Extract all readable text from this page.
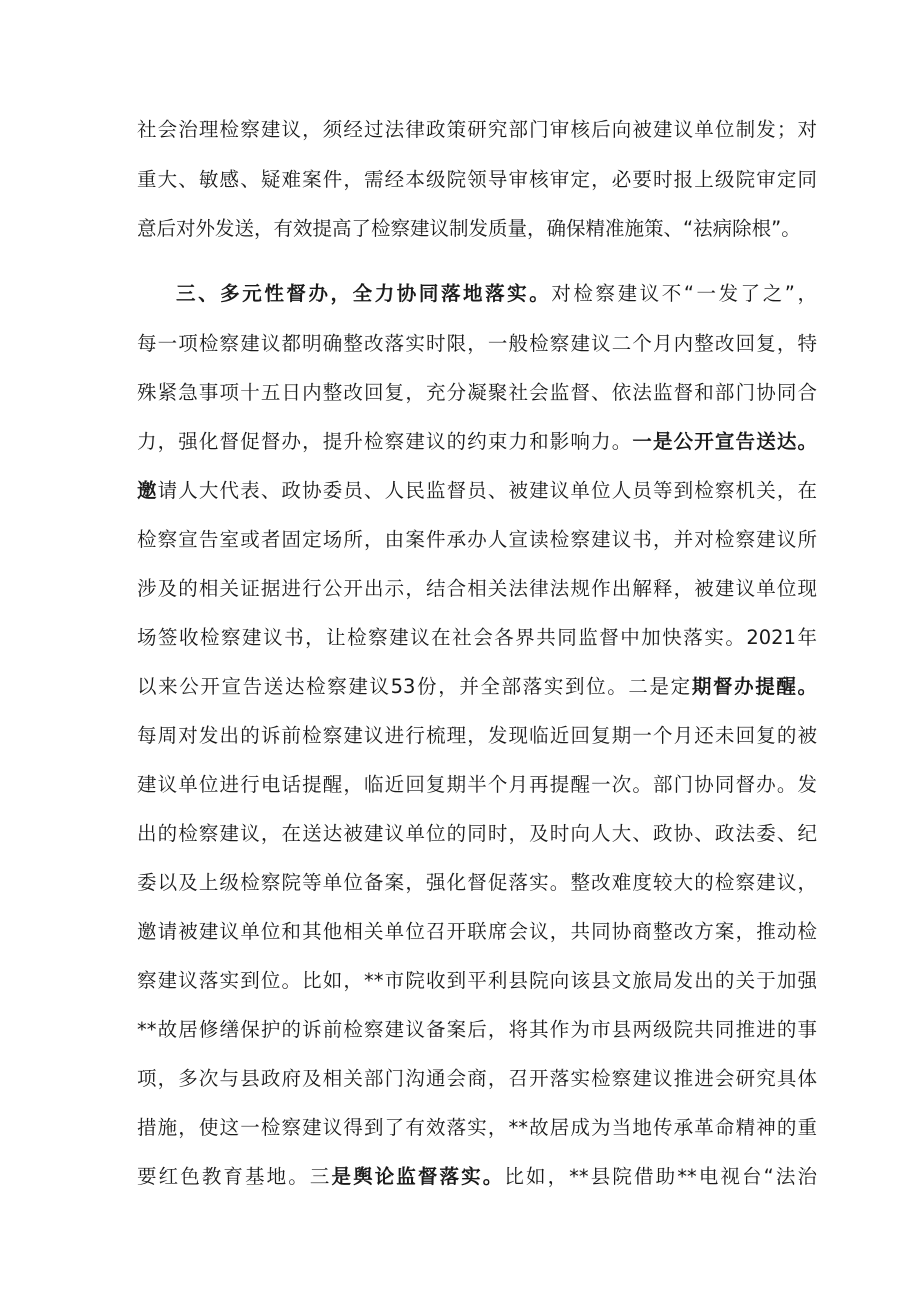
社会治理检察建议，须经过法律政策研究部门审核后向被建议单位制发；对
重大、敏感、疑难案件，需经本级院领导审核审定，必要时报上级院审定同
意后对外发送，有效提高了检察建议制发质量，确保精准施策、“祛病除根”。
三、多元性督办，全力协同落地落实。对检察建议不“一发了之”，
每一项检察建议都明确整改落实时限，一般检察建议二个月内整改回复，特
殊紧急事项十五日内整改回复，充分凝聚社会监督、依法监督和部门协同合
力，强化督促督办，提升检察建议的约束力和影响力。一是公开宣告送达。
邀请人大代表、政协委员、人民监督员、被建议单位人员等到检察机关，在
检察宣告室或者固定场所，由案件承办人宣读检察建议书，并对检察建议所
涉及的相关证据进行公开出示，结合相关法律法规作出解释，被建议单位现
场签收检察建议书，让检察建议在社会各界共同监督中加快落实。2021年
以来公开宣告送达检察建议53份，并全部落实到位。二是定期督办提醒。
每周对发出的诉前检察建议进行梳理，发现临近回复期一个月还未回复的被
建议单位进行电话提醒，临近回复期半个月再提醒一次。部门协同督办。发
出的检察建议，在送达被建议单位的同时，及时向人大、政协、政法委、纪
委以及上级检察院等单位备案，强化督促落实。整改难度较大的检察建议，
邀请被建议单位和其他相关单位召开联席会议，共同协商整改方案，推动检
察建议落实到位。比如，**市院收到平利县院向该县文旅局发出的关于加强
**故居修缮保护的诉前检察建议备案后，将其作为市县两级院共同推进的事
项，多次与县政府及相关部门沟通会商，召开落实检察建议推进会研究具体
措施，使这一检察建议得到了有效落实，**故居成为当地传承革命精神的重
要红色教育基地。三是舆论监督落实。比如，**县院借助**电视台“法治
